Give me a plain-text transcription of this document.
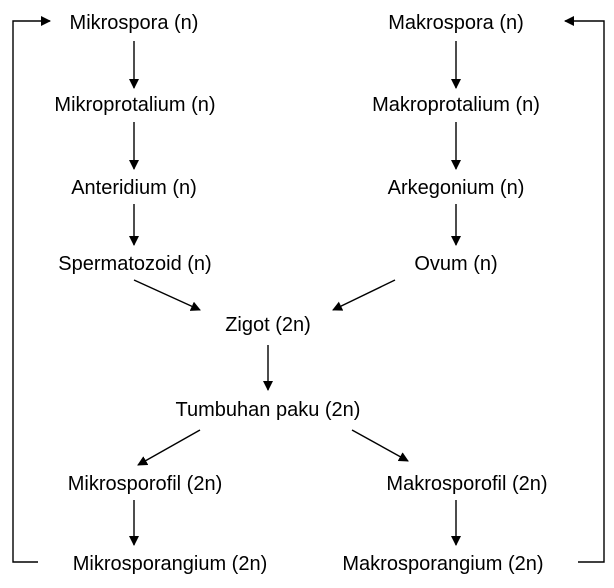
Mikrospora (n)	Makrospora (n)
Mikroprotalium (n)	Makroprotalium (n)
Anteridium (n)	Arkegonium (n)
Spermatozoid (n)	Ovum (n)
Zigot (2n)
Tumbuhan paku (2n)
Mikrosporofil (2n)	Makrosporofil (2n)
Mikrosporangium (2n)	Makrosporangium (2n)
